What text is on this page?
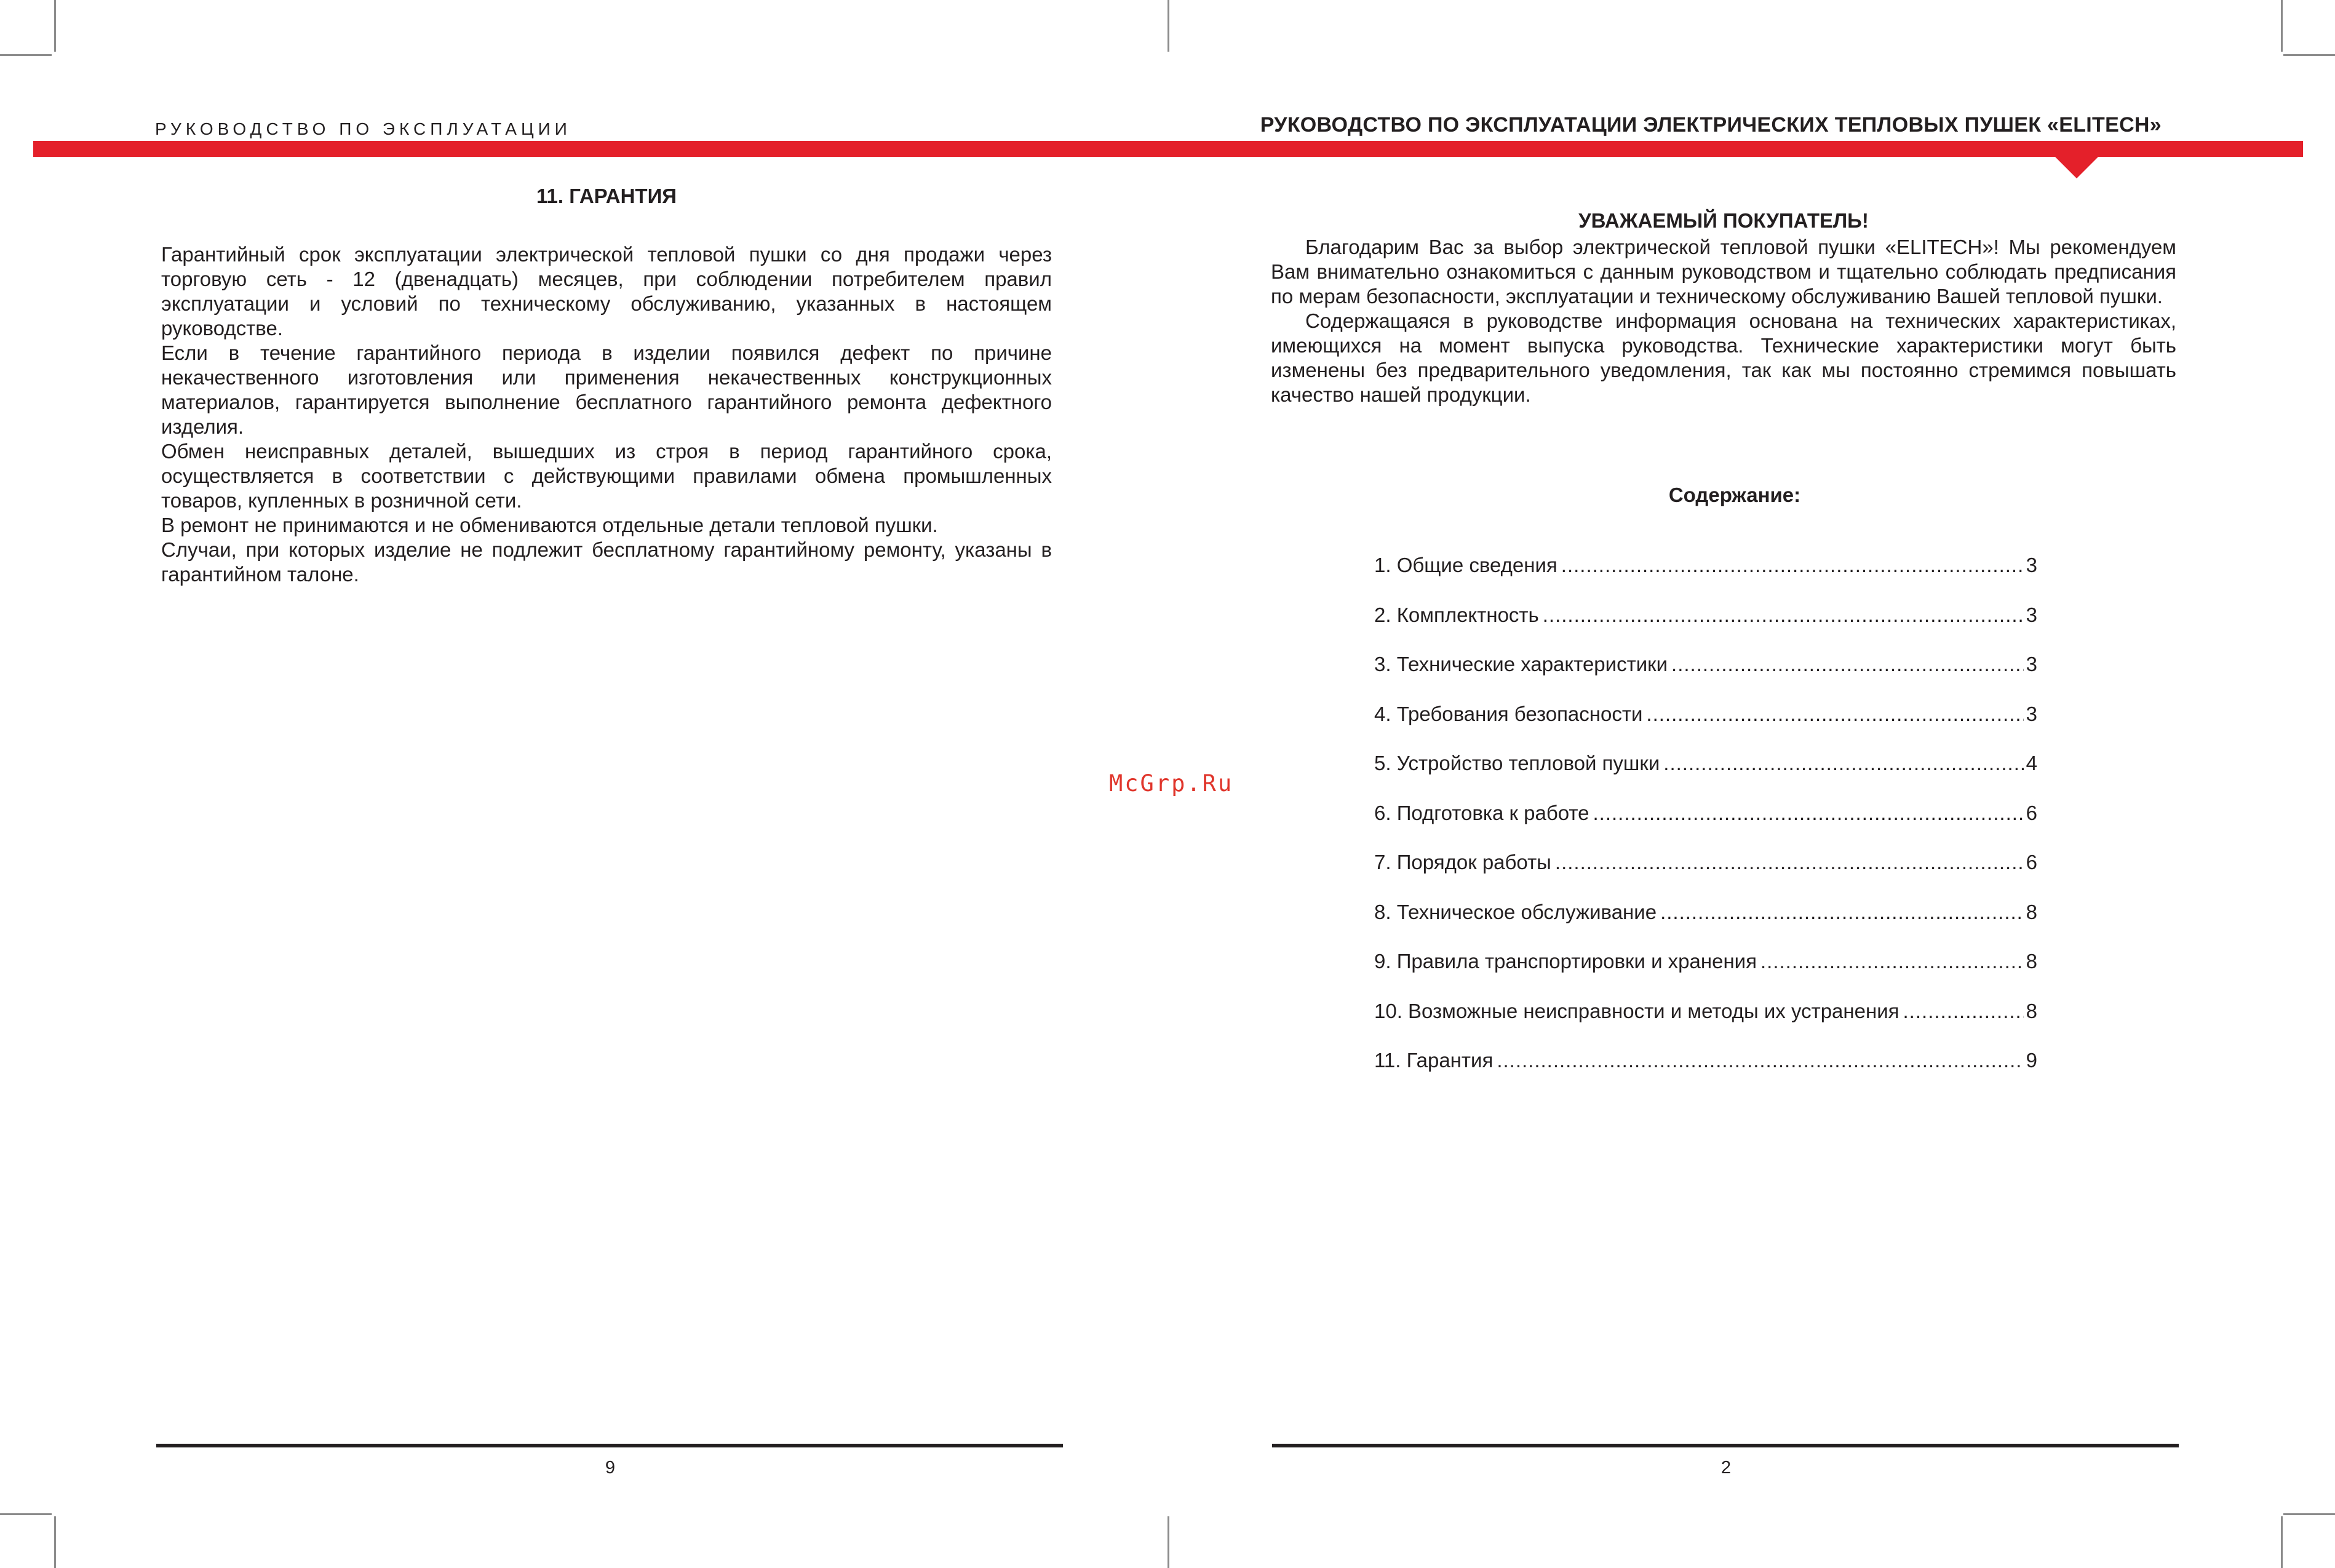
РУКОВОДСТВО ПО ЭКСПЛУАТАЦИИ	РУКОВОДСТВО ПО ЭКСПЛУАТАЦИИ ЭЛЕКТРИЧЕСКИХ ТЕПЛОВЫХ ПУШЕК «ELITECH»
11. ГАРАНТИЯ

Гарантийный срок эксплуатации электрической тепловой пушки со дня продажи через торговую сеть - 12 (двенадцать) месяцев, при соблюдении потребителем правил эксплуатации и условий по техническому обслуживанию, указанных в настоящем руководстве.

Если в течение гарантийного периода в изделии появился дефект по причине некачественного изготовления или применения некачественных конструкционных материалов, гарантируется выполнение бесплатного гарантийного ремонта дефектного изделия.

Обмен неисправных деталей, вышедших из строя в период гарантийного срока, осуществляется в соответствии с действующими правилами обмена промышленных товаров, купленных в розничной сети.

В ремонт не принимаются и не обмениваются отдельные детали тепловой пушки.

Случаи, при которых изделие не подлежит бесплатному гарантийному ремонту, указаны в гарантийном талоне.

УВАЖАЕМЫЙ ПОКУПАТЕЛЬ!

Благодарим Вас за выбор электрической тепловой пушки «ELITECH»! Мы рекомендуем Вам внимательно ознакомиться с данным руководством и тщательно соблюдать предписания по мерам безопасности, эксплуатации и техническому обслуживанию Вашей тепловой пушки.

Содержащаяся в руководстве информация основана на технических характеристиках, имеющихся на момент выпуска руководства. Технические характеристики могут быть изменены без предварительного уведомления, так как мы постоянно стремимся повышать качество нашей продукции.

Содержание:
1. Общие сведения .....	3
2. Комплектность .....	3
3. Технические характеристики .....	3
4. Требования безопасности .....	3
5. Устройство тепловой пушки .....	4
6. Подготовка к работе .....	6
7. Порядок работы .....	6
8. Техническое обслуживание .....	8
9. Правила транспортировки и хранения .....	8
10. Возможные неисправности и методы их устранения .....	8
11. Гарантия .....	9
McGrp.Ru
9	2
